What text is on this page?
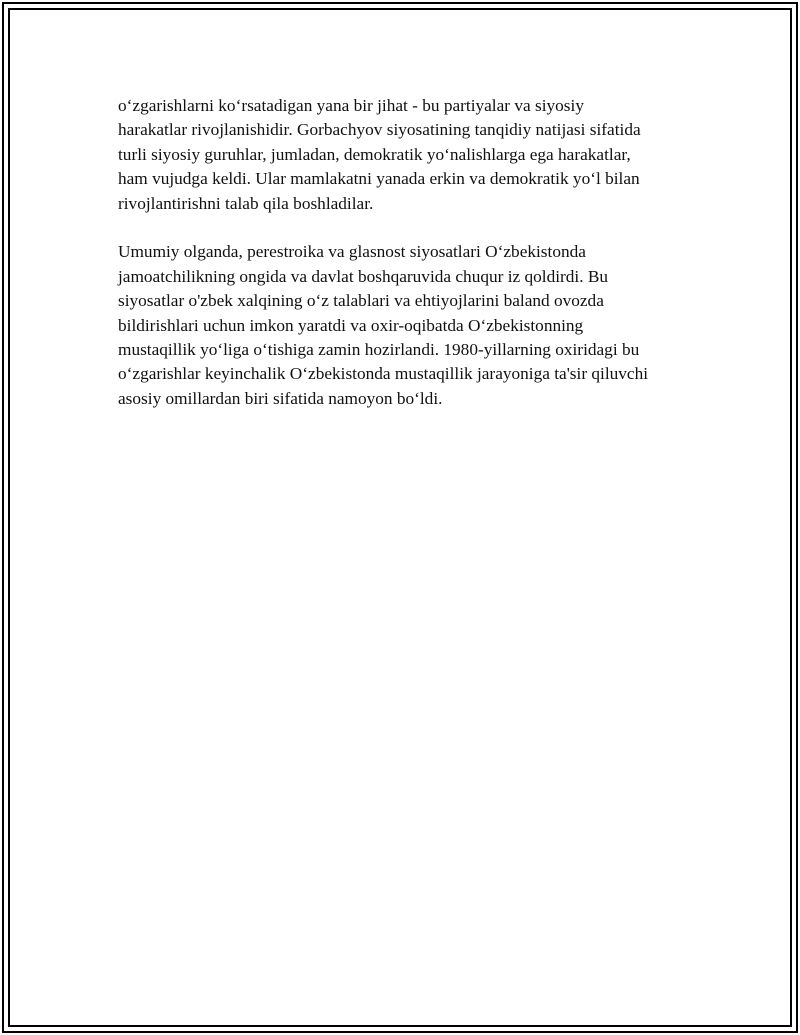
o‘zgarishlarni ko‘rsatadigan yana bir jihat - bu partiyalar va siyosiy
harakatlar rivojlanishidir. Gorbachyov siyosatining tanqidiy natijasi sifatida
turli siyosiy guruhlar, jumladan, demokratik yo‘nalishlarga ega harakatlar,
ham vujudga keldi. Ular mamlakatni yanada erkin va demokratik yo‘l bilan
rivojlantirishni talab qila boshladilar.

Umumiy olganda, perestroika va glasnost siyosatlari O‘zbekistonda
jamoatchilikning ongida va davlat boshqaruvida chuqur iz qoldirdi. Bu
siyosatlar o'zbek xalqining o‘z talablari va ehtiyojlarini baland ovozda
bildirishlari uchun imkon yaratdi va oxir-oqibatda O‘zbekistonning
mustaqillik yo‘liga o‘tishiga zamin hozirlandi. 1980-yillarning oxiridagi bu
o‘zgarishlar keyinchalik O‘zbekistonda mustaqillik jarayoniga ta'sir qiluvchi
asosiy omillardan biri sifatida namoyon bo‘ldi.
